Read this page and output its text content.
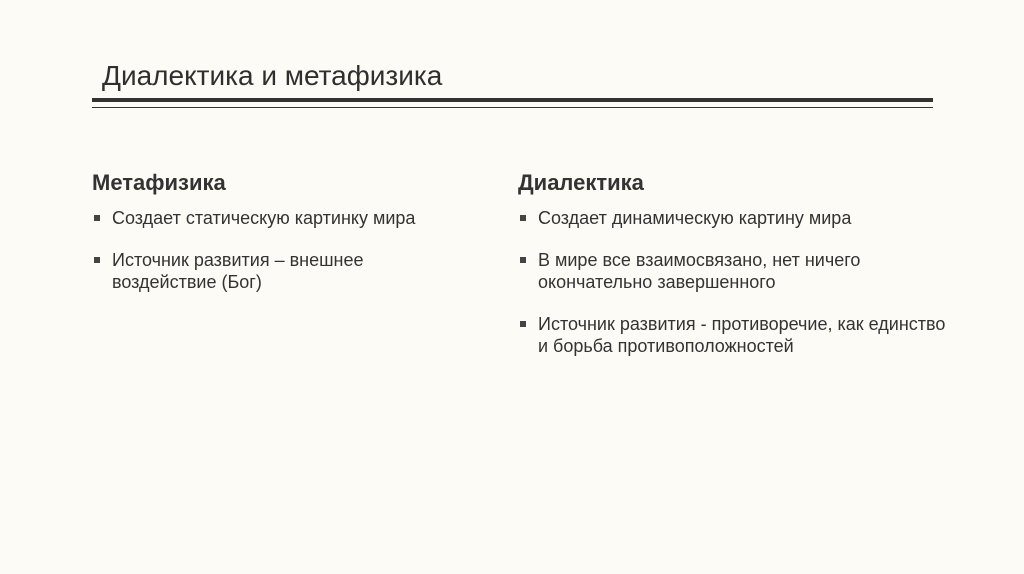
Диалектика и метафизика
Метафизика
Создает статическую картинку мира
Источник развития – внешнее воздействие (Бог)
Диалектика
Создает динамическую картину мира
В мире все взаимосвязано, нет ничего окончательно завершенного
Источник развития - противоречие, как единство и борьба противоположностей
